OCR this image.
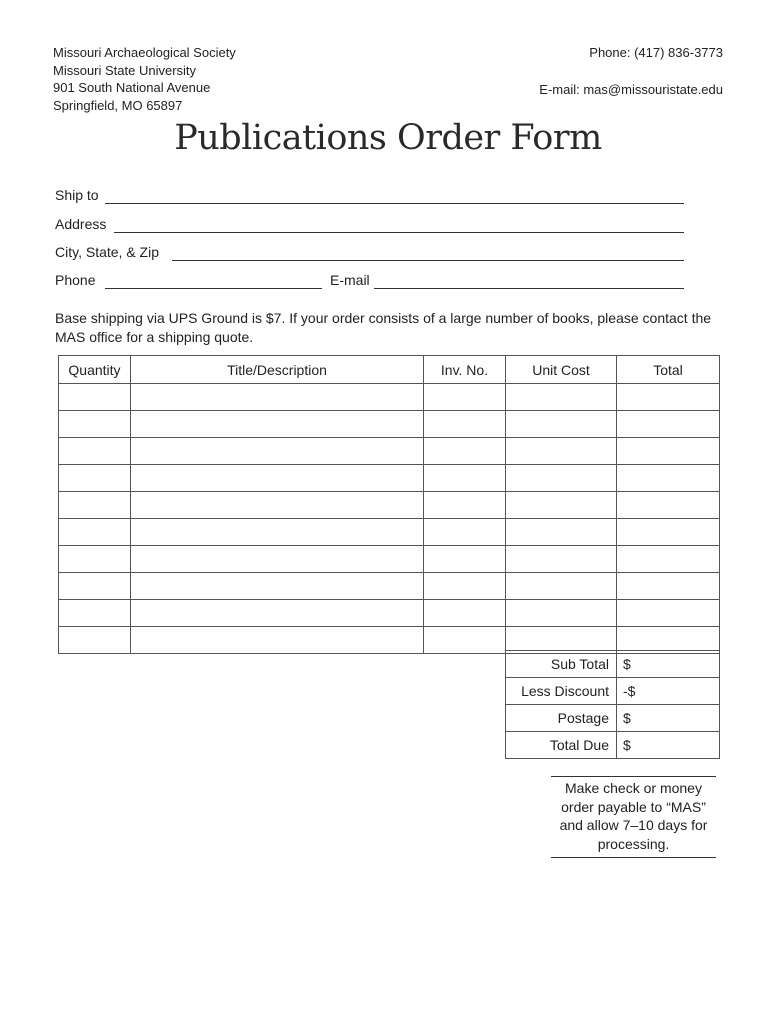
Missouri Archaeological Society
Missouri State University
901 South National Avenue
Springfield, MO 65897
Phone: (417) 836-3773
E-mail: mas@missouristate.edu
Publications Order Form
Ship to
Address
City, State, & Zip
Phone	E-mail
Base shipping via UPS Ground is $7. If your order consists of a large number of books, please contact the MAS office for a shipping quote.
Quantity	Title/Description	Inv. No.	Unit Cost	Total

Sub Total	$
Less Discount	-$
Postage	$
Total Due	$
Make check or money order payable to “MAS” and allow 7–10 days for processing.
